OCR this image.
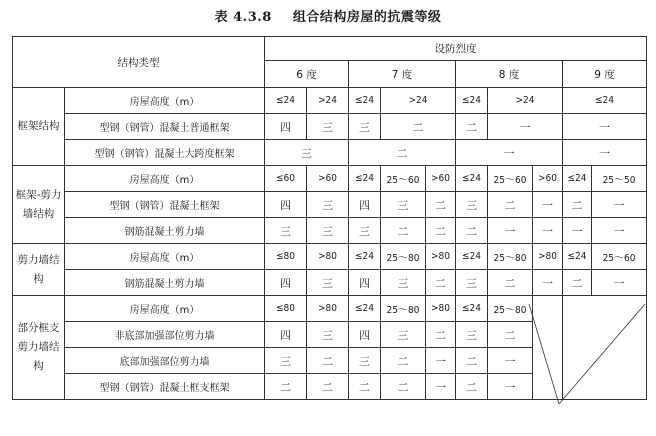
表 4.3.8 组合结构房屋的抗震等级
结构类型		设防烈度									
		6 度		7 度			8 度			9 度	
框架结构	房屋高度（m）	≤24	>24	≤24	>24		≤24	>24		≤24	
	型钢（钢管）混凝土普通框架	四	三	三	二		二	一		一	
	型钢（钢管）混凝土大跨度框架	三		二			一			一	
框架-剪力墙结构	房屋高度（m）	≤60	>60	≤24	25～60	>60	≤24	25～60	>60	≤24	25～50
	型钢（钢管）混凝土框架	四	三	四	三	二	三	二	一	二	一
	钢筋混凝土剪力墙	三	三	三	二	二	二	一	一	一	一
剪力墙结构	房屋高度（m）	≤80	>80	≤24	25～80	>80	≤24	25～80	>80	≤24	25～60
	钢筋混凝土剪力墙	四	三	四	三	二	三	二	一	二	一
部分框支剪力墙结构	房屋高度（m）	≤80	>80	≤24	25～80	>80	≤24	25～80			
	非底部加强部位剪力墙	四	三	四	三	二	三	二			
	底部加强部位剪力墙	三	二	三	二	一	二	一			
	型钢（钢管）混凝土框支框架	二	二	二	二	一	二	一			
